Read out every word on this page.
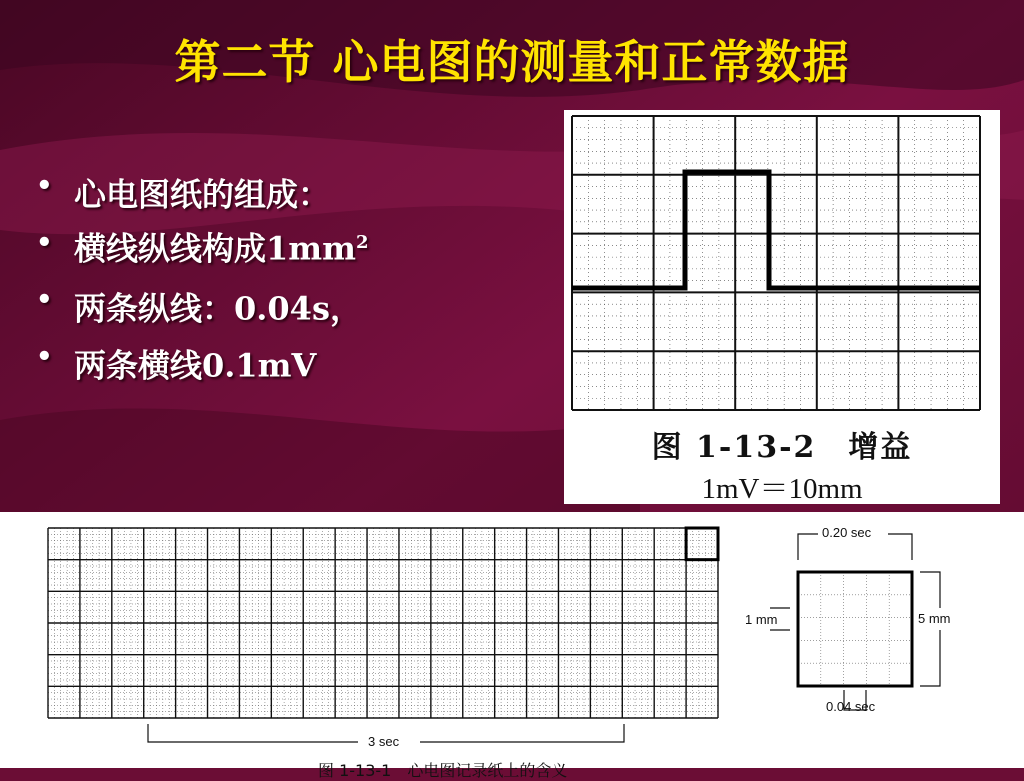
第二节 心电图的测量和正常数据
• 心电图纸的组成：
• 横线纵线构成$1mm^2$
• 两条纵线：0.04s，
• 两条横线0.1mV
图 1-13-2　增益
1mV＝10mm
0.20 sec
1 mm	5 mm
0.04 sec
3 sec
图 1-13-1　心电图记录纸上的含义
